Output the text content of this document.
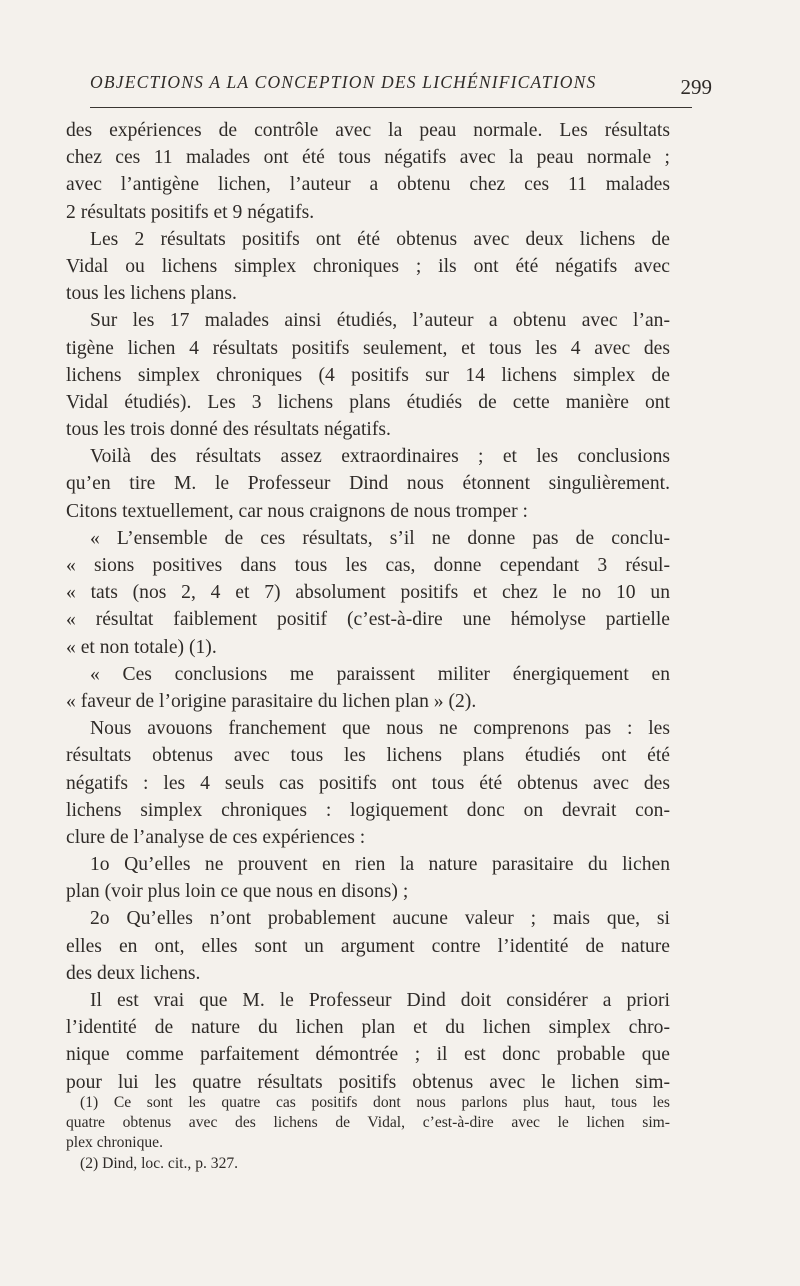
OBJECTIONS A LA CONCEPTION DES LICHÉNIFICATIONS	299
des expériences de contrôle avec la peau normale. Les résultats
chez ces 11 malades ont été tous négatifs avec la peau normale ;
avec l’antigène lichen, l’auteur a obtenu chez ces 11 malades
2 résultats positifs et 9 négatifs.
Les 2 résultats positifs ont été obtenus avec deux lichens de
Vidal ou lichens simplex chroniques ; ils ont été négatifs avec
tous les lichens plans.
Sur les 17 malades ainsi étudiés, l’auteur a obtenu avec l’an-
tigène lichen 4 résultats positifs seulement, et tous les 4 avec des
lichens simplex chroniques (4 positifs sur 14 lichens simplex de
Vidal étudiés). Les 3 lichens plans étudiés de cette manière ont
tous les trois donné des résultats négatifs.
Voilà des résultats assez extraordinaires ; et les conclusions
qu’en tire M. le Professeur Dind nous étonnent singulièrement.
Citons textuellement, car nous craignons de nous tromper :
« L’ensemble de ces résultats, s’il ne donne pas de conclu-
« sions positives dans tous les cas, donne cependant 3 résul-
« tats (nos 2, 4 et 7) absolument positifs et chez le no 10 un
« résultat faiblement positif (c’est-à-dire une hémolyse partielle
« et non totale) (1).
« Ces conclusions me paraissent militer énergiquement en
« faveur de l’origine parasitaire du lichen plan » (2).
Nous avouons franchement que nous ne comprenons pas : les
résultats obtenus avec tous les lichens plans étudiés ont été
négatifs : les 4 seuls cas positifs ont tous été obtenus avec des
lichens simplex chroniques : logiquement donc on devrait con-
clure de l’analyse de ces expériences :
1o Qu’elles ne prouvent en rien la nature parasitaire du lichen
plan (voir plus loin ce que nous en disons) ;
2o Qu’elles n’ont probablement aucune valeur ; mais que, si
elles en ont, elles sont un argument contre l’identité de nature
des deux lichens.
Il est vrai que M. le Professeur Dind doit considérer a priori
l’identité de nature du lichen plan et du lichen simplex chro-
nique comme parfaitement démontrée ; il est donc probable que
pour lui les quatre résultats positifs obtenus avec le lichen sim-
(1) Ce sont les quatre cas positifs dont nous parlons plus haut, tous les
quatre obtenus avec des lichens de Vidal, c’est-à-dire avec le lichen sim-
plex chronique.
(2) Dind, loc. cit., p. 327.
